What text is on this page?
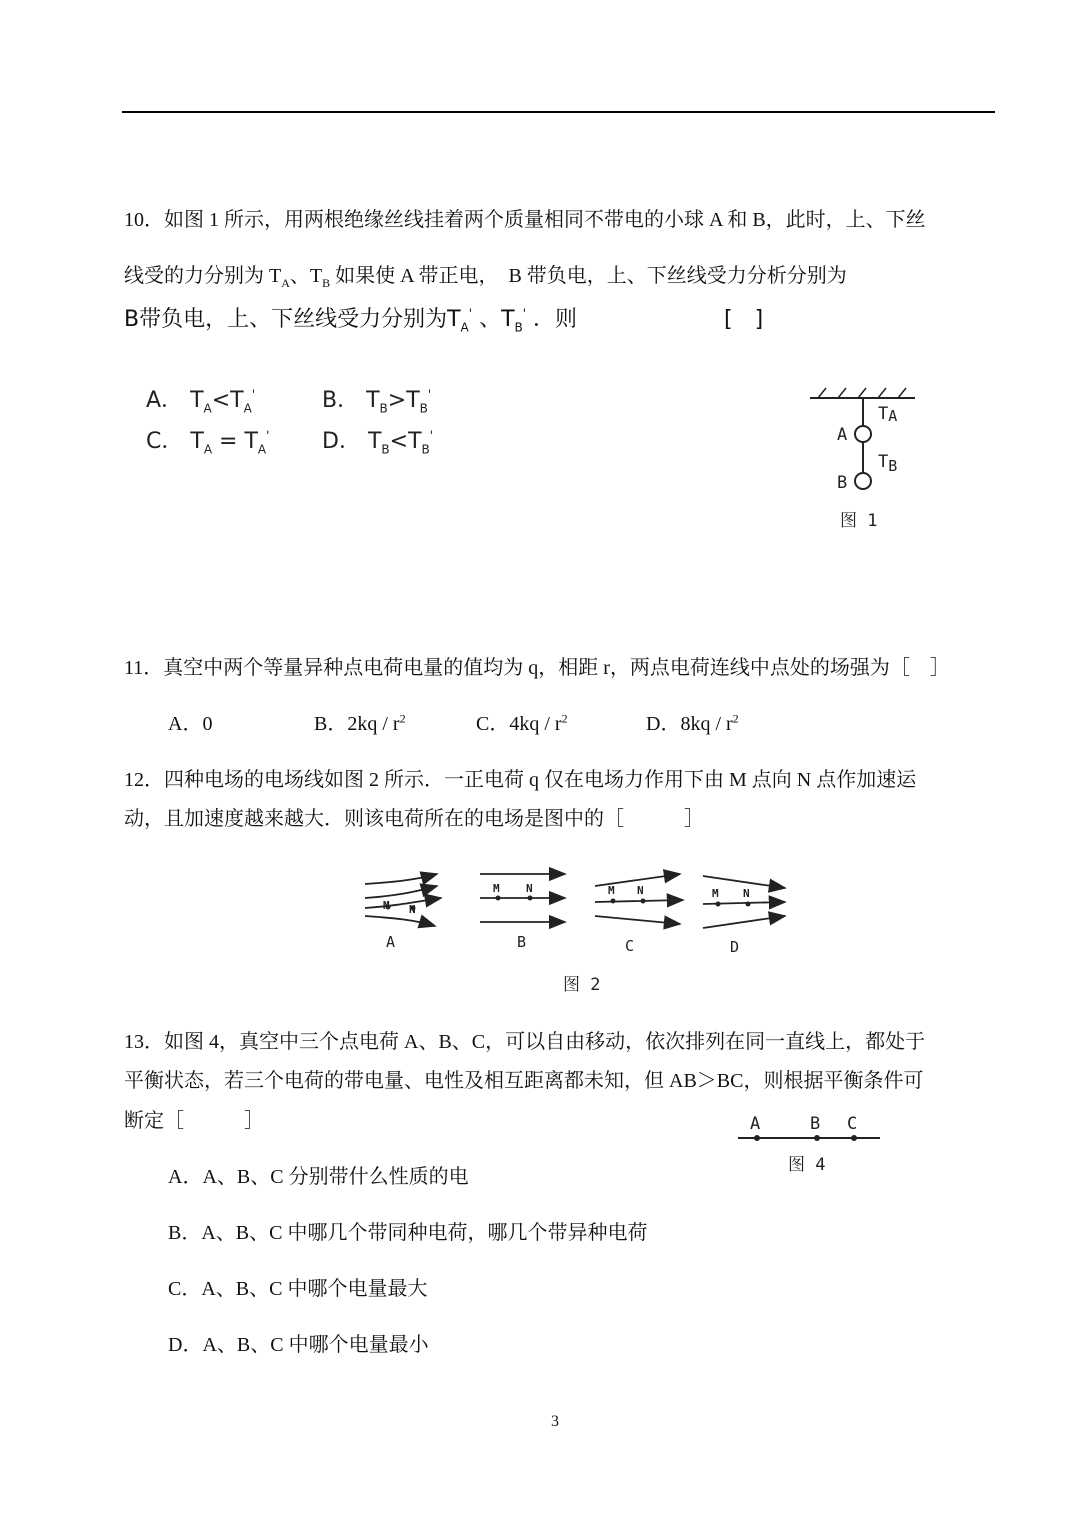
10．如图 1 所示，用两根绝缘丝线挂着两个质量相同不带电的小球 A 和 B，此时，上、下丝
线受的力分别为 $T_A$、$T_B$ 如果使 A 带正电，　B 带负电，上、下丝线受力分析分别为
B带负电，上、下丝线受力分别为$T_A'$ 、$T_B'$ ．则	[　]
A． $T_A<T_A'$	B． $T_B>T_B'$
C． $T_A = T_A'$ D． $T_B<T_B'$	A
B
TA
TB
图 1
11．真空中两个等量异种点电荷电量的值均为 q，相距 r，两点电荷连线中点处的场强为［　］
A．0	B．$2kq / r^2$	C．$4kq / r^2$	D．$8kq / r^2$
12．四种电场的电场线如图 2 所示．一正电荷 q 仅在电场力作用下由 M 点向 N 点作加速运
动，且加速度越来越大．则该电荷所在的电场是图中的［　　　］
M N
A
M N
B
M N
C
M N
D
图 2
13．如图 4，真空中三个点电荷 A、B、C，可以自由移动，依次排列在同一直线上，都处于
平衡状态，若三个电荷的带电量、电性及相互距离都未知，但 AB＞BC，则根据平衡条件可
断定［　　　］
A．A、B、C 分别带什么性质的电
B．A、B、C 中哪几个带同种电荷，哪几个带异种电荷
C．A、B、C 中哪个电量最大
D．A、B、C 中哪个电量最小
A	B C
图 4
3
